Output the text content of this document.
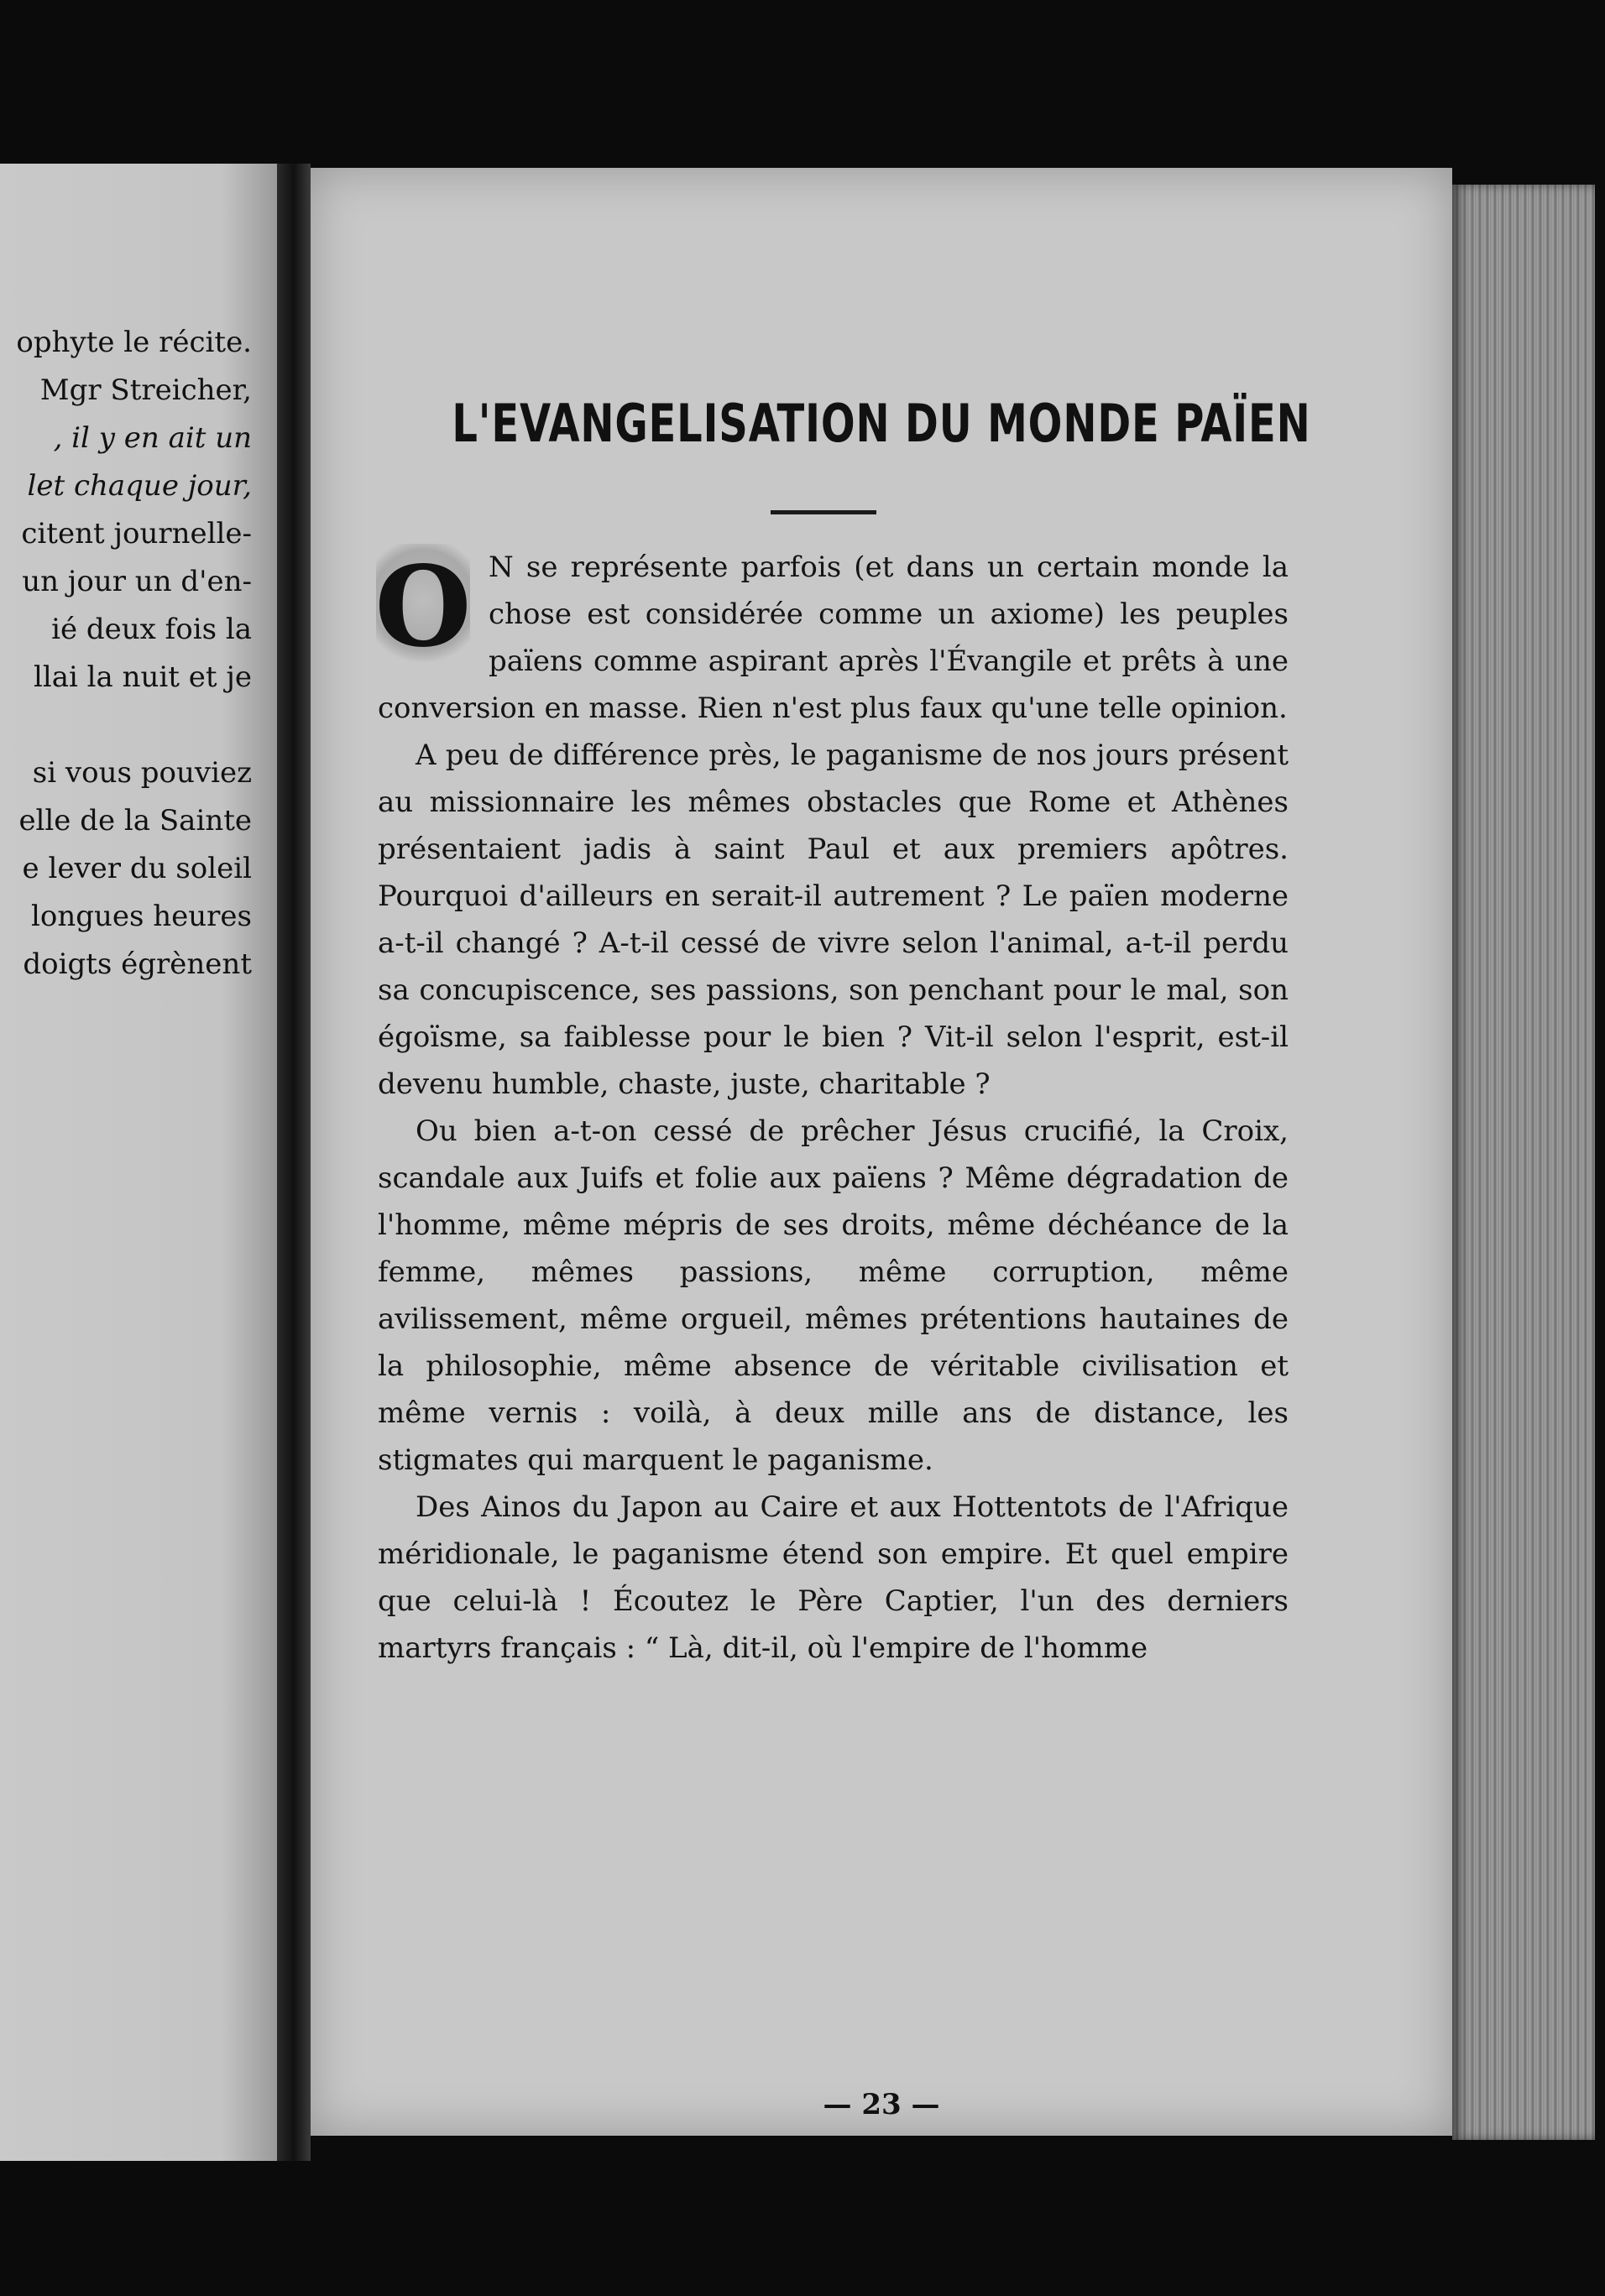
ophyte le récite.
Mgr Streicher,
, il y en ait un
let chaque jour,
citent journelle-
un jour un d'en-
ié deux fois la
llai la nuit et je
si vous pouviez
elle de la Sainte
e lever du soleil
longues heures
doigts égrènent
L'EVANGELISATION DU MONDE PAÏEN

N se représente parfois (et dans un certain monde la chose est considérée comme un axiome) les peuples païens comme aspirant après l'Évangile et prêts à une conversion en masse. Rien n'est plus faux qu'une telle opinion.

A peu de différence près, le paganisme de nos jours présent au missionnaire les mêmes obstacles que Rome et Athènes présentaient jadis à saint Paul et aux premiers apôtres. Pourquoi d'ailleurs en serait-il autrement ? Le païen moderne a-t-il changé ? A-t-il cessé de vivre selon l'animal, a-t-il perdu sa concupiscence, ses passions, son penchant pour le mal, son égoïsme, sa faiblesse pour le bien ? Vit-il selon l'esprit, est-il devenu humble, chaste, juste, charitable ?

Ou bien a-t-on cessé de prêcher Jésus crucifié, la Croix, scandale aux Juifs et folie aux païens ? Même dégradation de l'homme, même mépris de ses droits, même déchéance de la femme, mêmes passions, même corruption, même avilissement, même orgueil, mêmes prétentions hautaines de la philosophie, même absence de véritable civilisation et même vernis : voilà, à deux mille ans de distance, les stigmates qui marquent le paganisme.

Des Ainos du Japon au Caire et aux Hottentots de l'Afrique méridionale, le paganisme étend son empire. Et quel empire que celui-là ! Écoutez le Père Captier, l'un des derniers martyrs français : “ Là, dit-il, où l'empire de l'homme

O
— 23 —
